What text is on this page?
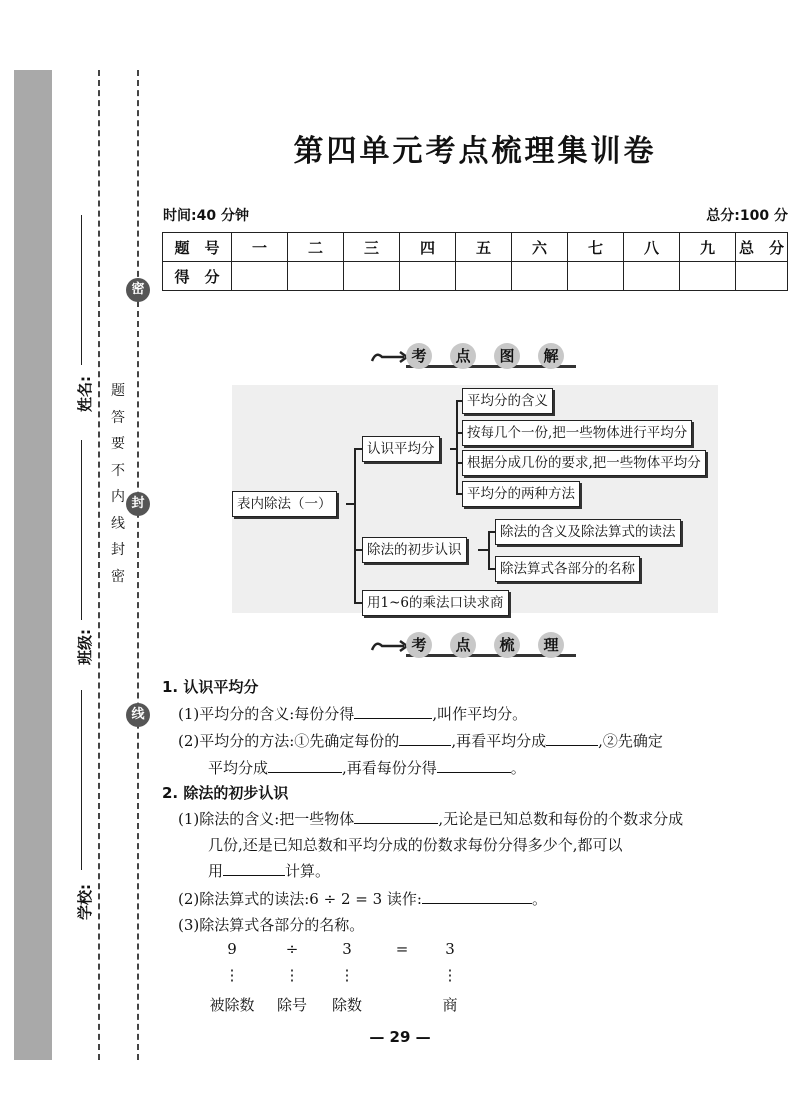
姓名:
班级:
学校:
题
答
要
不
内
线
封
密
密
封
线
第四单元考点梳理集训卷
时间:40 分钟	总分:100 分
题　号	一	二	三	四	五	六	七	八	九	总　分
得　分										
考	点	图	解
表内除法（一）
认识平均分
平均分的含义
按每几个一份,把一些物体进行平均分
根据分成几份的要求,把一些物体平均分
平均分的两种方法
除法的初步认识
除法的含义及除法算式的读法
除法算式各部分的名称
用1~6的乘法口诀求商
考	点	梳	理
1. 认识平均分
(1)平均分的含义:每份分得	,叫作平均分。
(2)平均分的方法:①先确定每份的	,再看平均分成	,②先确定
平均分成	,再看每份分得	。
2. 除法的初步认识
(1)除法的含义:把一些物体	,无论是已知总数和每份的个数求分成
几份,还是已知总数和平均分成的份数求每份分得多少个,都可以
用	计算。
(2)除法算式的读法:6 ÷ 2 = 3 读作:	。
(3)除法算式各部分的名称。
9	÷	3	=	3
⋮	⋮	⋮	⋮
被除数	除号	除数	商
— 29 —
